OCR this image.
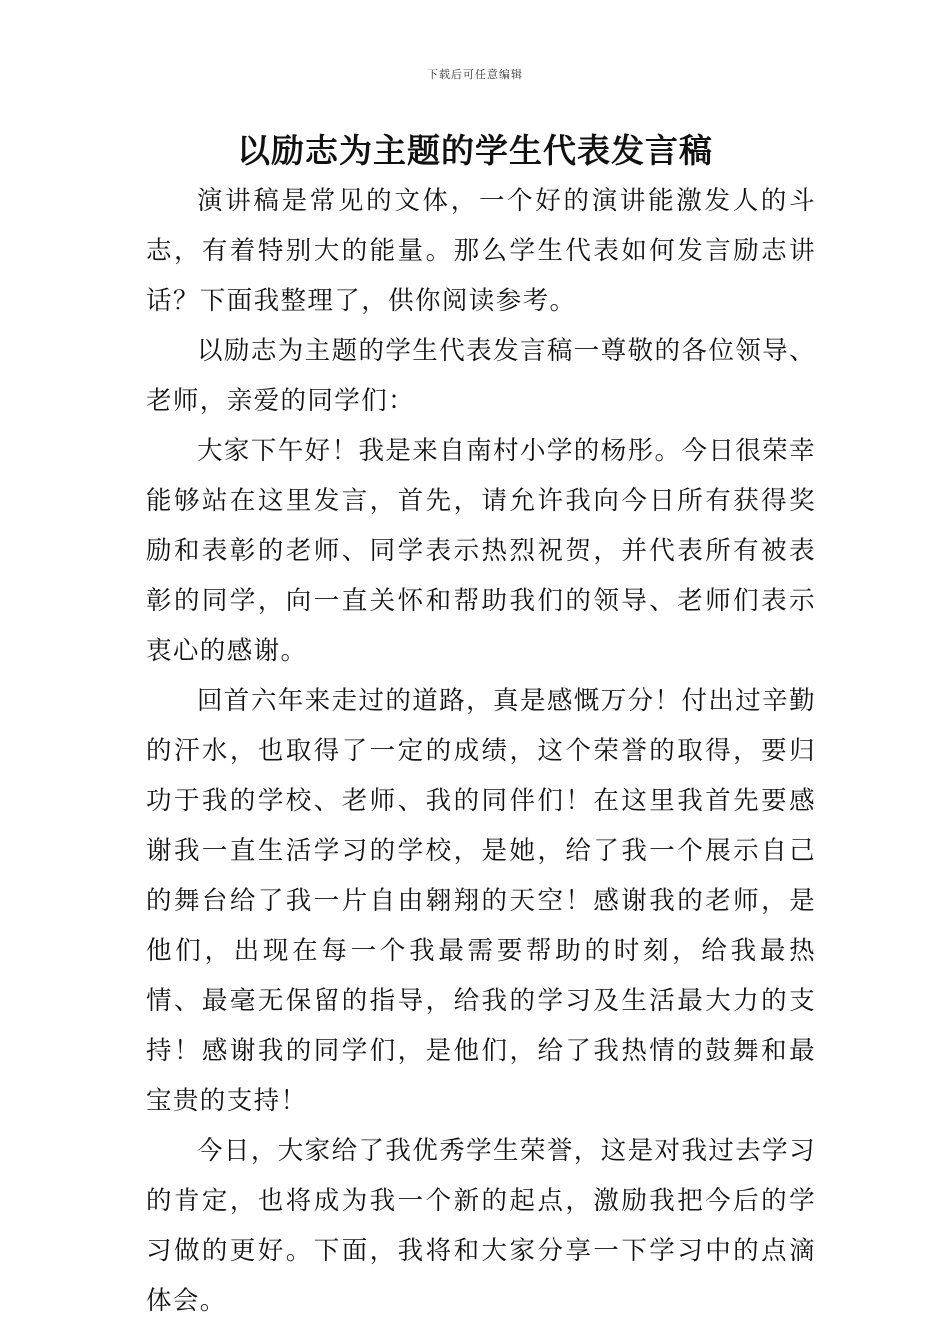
下载后可任意编辑
以励志为主题的学生代表发言稿

演讲稿是常见的文体，一个好的演讲能激发人的斗志，有着特别大的能量。那么学生代表如何发言励志讲话？下面我整理了，供你阅读参考。

以励志为主题的学生代表发言稿一尊敬的各位领导、老师，亲爱的同学们：

大家下午好！我是来自南村小学的杨彤。今日很荣幸能够站在这里发言，首先，请允许我向今日所有获得奖励和表彰的老师、同学表示热烈祝贺，并代表所有被表彰的同学，向一直关怀和帮助我们的领导、老师们表示衷心的感谢。

回首六年来走过的道路，真是感慨万分！付出过辛勤的汗水，也取得了一定的成绩，这个荣誉的取得，要归功于我的学校、老师、我的同伴们！在这里我首先要感谢我一直生活学习的学校，是她，给了我一个展示自己的舞台给了我一片自由翱翔的天空！感谢我的老师，是他们，出现在每一个我最需要帮助的时刻，给我最热情、最毫无保留的指导，给我的学习及生活最大力的支持！感谢我的同学们，是他们，给了我热情的鼓舞和最宝贵的支持！

今日，大家给了我优秀学生荣誉，这是对我过去学习的肯定，也将成为我一个新的起点，激励我把今后的学习做的更好。下面，我将和大家分享一下学习中的点滴体会。
